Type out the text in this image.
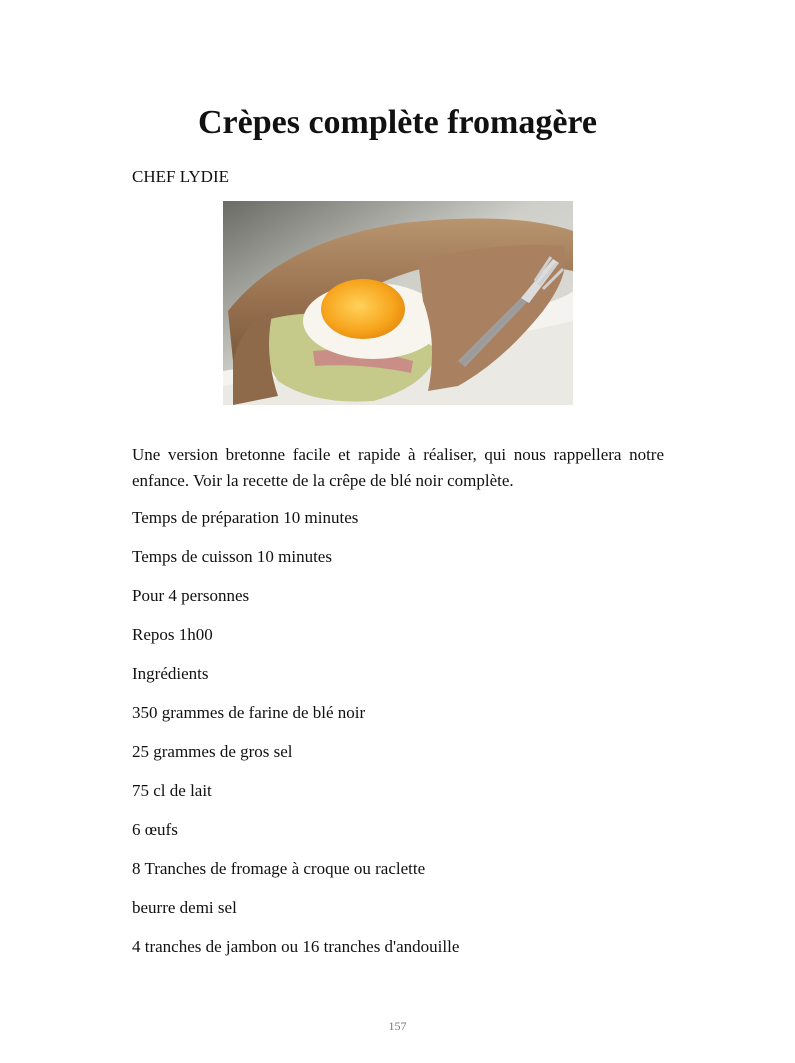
Crèpes complète fromagère
CHEF LYDIE

Une version bretonne facile et rapide à réaliser, qui nous rappellera notre enfance. Voir la recette de la crêpe de blé noir complète.

Temps de préparation 10 minutes
Temps de cuisson 10 minutes
Pour 4 personnes
Repos 1h00
Ingrédients
350 grammes de farine de blé noir
25 grammes de gros sel
75 cl de lait
6 œufs
8 Tranches de fromage à croque ou raclette
beurre demi sel
4 tranches de jambon ou 16 tranches d'andouille
157
